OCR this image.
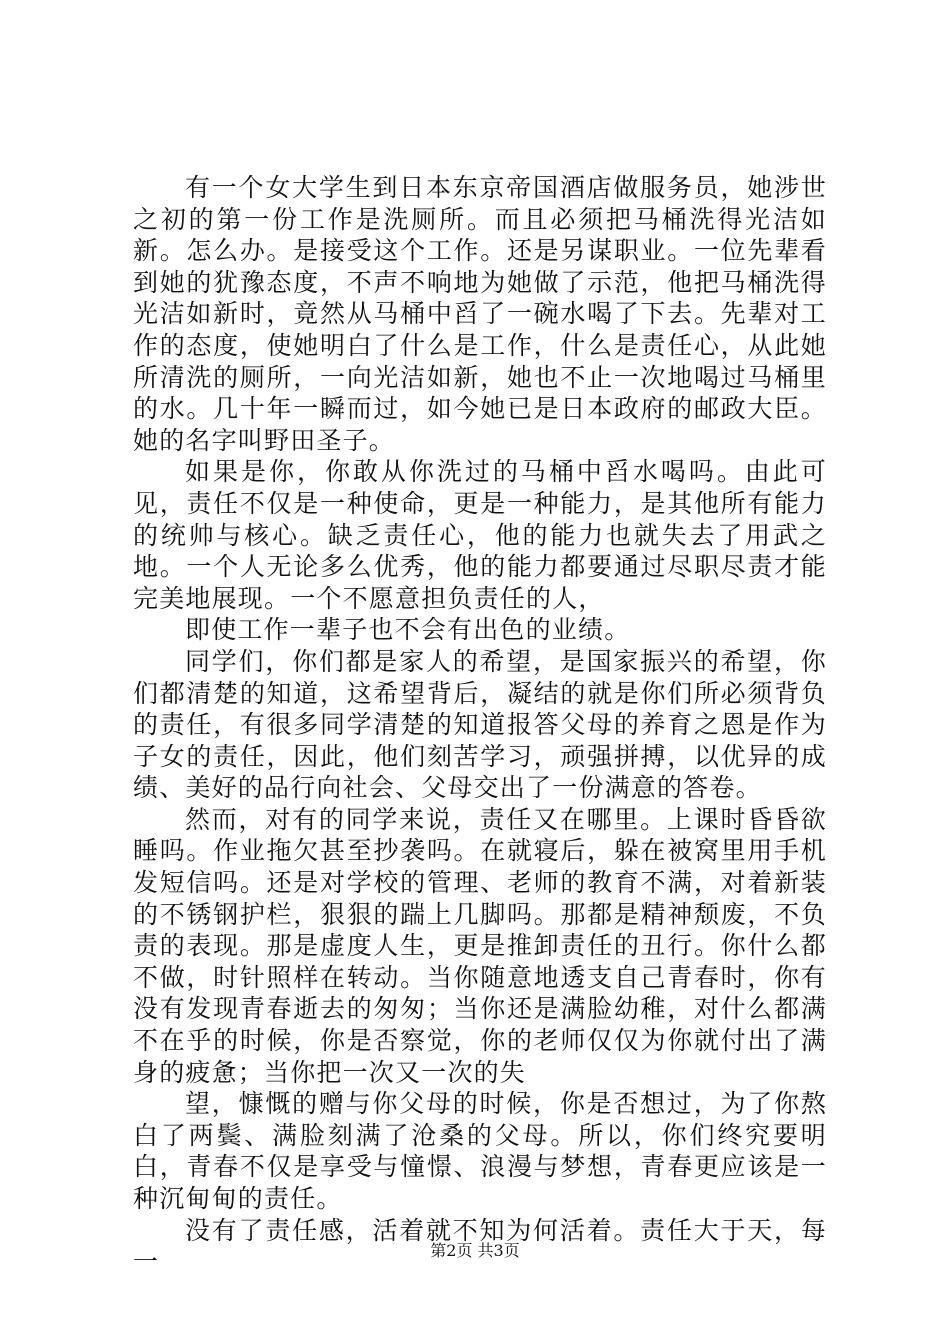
有一个女大学生到日本东京帝国酒店做服务员，她涉世之初的第一份工作是洗厕所。而且必须把马桶洗得光洁如新。怎么办。是接受这个工作。还是另谋职业。一位先辈看到她的犹豫态度，不声不响地为她做了示范，他把马桶洗得光洁如新时，竟然从马桶中舀了一碗水喝了下去。先辈对工作的态度，使她明白了什么是工作，什么是责任心，从此她所清洗的厕所，一向光洁如新，她也不止一次地喝过马桶里的水。几十年一瞬而过，如今她已是日本政府的邮政大臣。她的名字叫野田圣子。

如果是你，你敢从你洗过的马桶中舀水喝吗。由此可见，责任不仅是一种使命，更是一种能力，是其他所有能力的统帅与核心。缺乏责任心，他的能力也就失去了用武之地。一个人无论多么优秀，他的能力都要通过尽职尽责才能完美地展现。一个不愿意担负责任的人，

即使工作一辈子也不会有出色的业绩。

同学们，你们都是家人的希望，是国家振兴的希望，你们都清楚的知道，这希望背后，凝结的就是你们所必须背负的责任，有很多同学清楚的知道报答父母的养育之恩是作为子女的责任，因此，他们刻苦学习，顽强拼搏，以优异的成绩、美好的品行向社会、父母交出了一份满意的答卷。

然而，对有的同学来说，责任又在哪里。上课时昏昏欲睡吗。作业拖欠甚至抄袭吗。在就寝后，躲在被窝里用手机发短信吗。还是对学校的管理、老师的教育不满，对着新装的不锈钢护栏，狠狠的踹上几脚吗。那都是精神颓废，不负责的表现。那是虚度人生，更是推卸责任的丑行。你什么都不做，时针照样在转动。当你随意地透支自己青春时，你有没有发现青春逝去的匆匆；当你还是满脸幼稚，对什么都满不在乎的时候，你是否察觉，你的老师仅仅为你就付出了满身的疲惫；当你把一次又一次的失

望，慷慨的赠与你父母的时候，你是否想过，为了你熬白了两鬓、满脸刻满了沧桑的父母。所以，你们终究要明白，青春不仅是享受与憧憬、浪漫与梦想，青春更应该是一种沉甸甸的责任。

没有了责任感，活着就不知为何活着。责任大于天，每一	第2页 共3页
